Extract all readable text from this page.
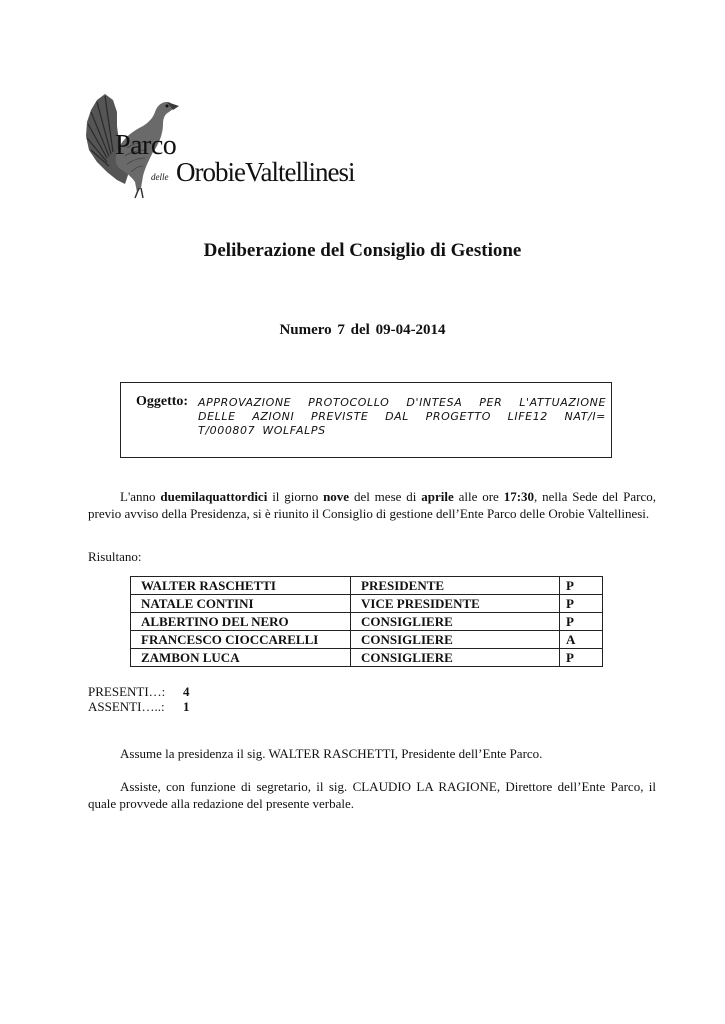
Parco
delle OrobieValtellinesi
Deliberazione del Consiglio di Gestione
Numero 7 del 09-04-2014
Oggetto: APPROVAZIONE PROTOCOLLO D'INTESA PER L'ATTUAZIONE DELLE AZIONI PREVISTE DAL PROGETTO LIFE12 NAT/I= T/000807 WOLFALPS
L'anno duemilaquattordici il giorno nove del mese di aprile alle ore 17:30, nella Sede del Parco, previo avviso della Presidenza, si è riunito il Consiglio di gestione dell’Ente Parco delle Orobie Valtellinesi.
Risultano:
WALTER RASCHETTI	PRESIDENTE	P
NATALE CONTINI	VICE PRESIDENTE	P
ALBERTINO DEL NERO	CONSIGLIERE	P
FRANCESCO CIOCCARELLI	CONSIGLIERE	A
ZAMBON LUCA	CONSIGLIERE	P
PRESENTI…: 4
ASSENTI…..: 1
Assume la presidenza il sig. WALTER RASCHETTI, Presidente dell’Ente Parco.
Assiste, con funzione di segretario, il sig. CLAUDIO LA RAGIONE, Direttore dell’Ente Parco, il quale provvede alla redazione del presente verbale.
